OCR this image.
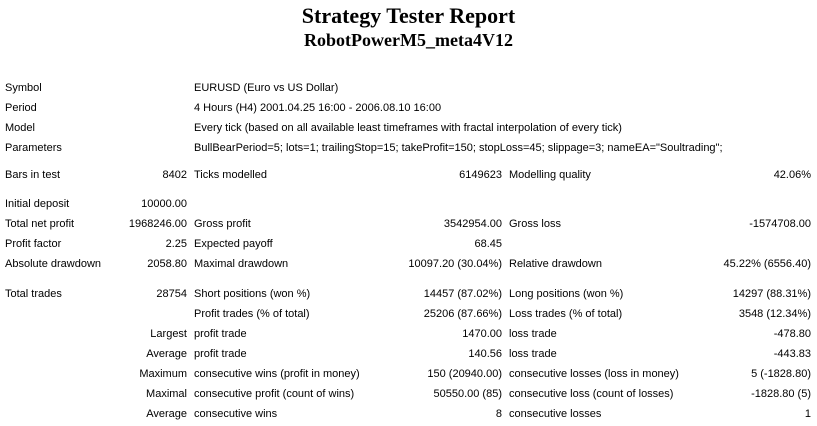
Strategy Tester Report
RobotPowerM5_meta4V12
Symbol		EURUSD (Euro vs US Dollar)			
Period		4 Hours (H4) 2001.04.25 16:00 - 2006.08.10 16:00			
Model		Every tick (based on all available least timeframes with fractal interpolation of every tick)			
Parameters		BullBearPeriod=5; lots=1; trailingStop=15; takeProfit=150; stopLoss=45; slippage=3; nameEA="Soultrading";			

Bars in test	8402	Ticks modelled	6149623	Modelling quality	42.06%

Initial deposit	10000.00				
Total net profit	1968246.00	Gross profit	3542954.00	Gross loss	-1574708.00
Profit factor	2.25	Expected payoff	68.45		
Absolute drawdown	2058.80	Maximal drawdown	10097.20 (30.04%)	Relative drawdown	45.22% (6556.40)

Total trades	28754	Short positions (won %)	14457 (87.02%)	Long positions (won %)	14297 (88.31%)
		Profit trades (% of total)	25206 (87.66%)	Loss trades (% of total)	3548 (12.34%)
	Largest	profit trade	1470.00	loss trade	-478.80
	Average	profit trade	140.56	loss trade	-443.83
	Maximum	consecutive wins (profit in money)	150 (20940.00)	consecutive losses (loss in money)	5 (-1828.80)
	Maximal	consecutive profit (count of wins)	50550.00 (85)	consecutive loss (count of losses)	-1828.80 (5)
	Average	consecutive wins	8	consecutive losses	1
